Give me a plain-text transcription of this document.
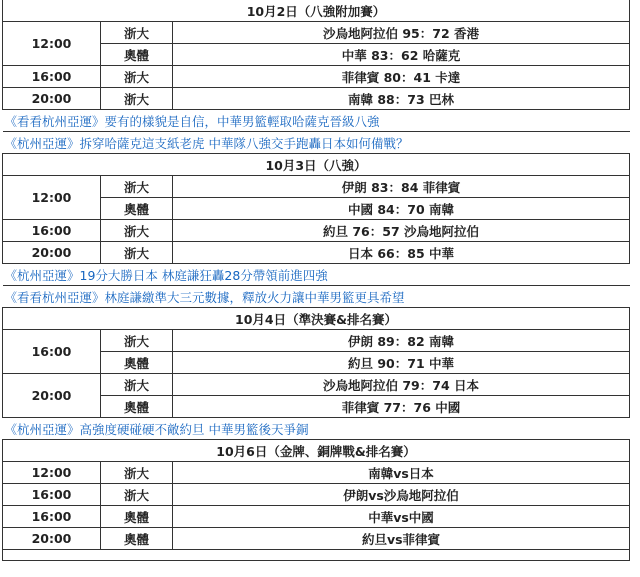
10月2日（八強附加賽）		
12:00	浙大	沙烏地阿拉伯 95：72 香港
	奧體	中華 83：62 哈薩克
16:00	浙大	菲律賓 80：41 卡達
20:00	浙大	南韓 88：73 巴林
《看看杭州亞運》要有的樣貌是自信，中華男籃輕取哈薩克晉級八強		
《杭州亞運》拆穿哈薩克這支紙老虎 中華隊八強交手跑轟日本如何備戰？		
10月3日（八強）		
12:00	浙大	伊朗 83：84 菲律賓
	奧體	中國 84：70 南韓
16:00	浙大	約旦 76：57 沙烏地阿拉伯
20:00	浙大	日本 66：85 中華
《杭州亞運》19分大勝日本 林庭謙狂轟28分帶領前進四強		
《看看杭州亞運》林庭謙繳準大三元數據，釋放火力讓中華男籃更具希望		
10月4日（準決賽&排名賽）		
16:00	浙大	伊朗 89：82 南韓
	奧體	約旦 90：71 中華
20:00	浙大	沙烏地阿拉伯 79：74 日本
	奧體	菲律賓 77：76 中國
《杭州亞運》高強度硬碰硬不敵約旦 中華男籃後天爭銅		
10月6日（金牌、銅牌戰&排名賽）		
12:00	浙大	南韓vs日本
16:00	浙大	伊朗vs沙烏地阿拉伯
16:00	奧體	中華vs中國
20:00	奧體	約旦vs菲律賓
